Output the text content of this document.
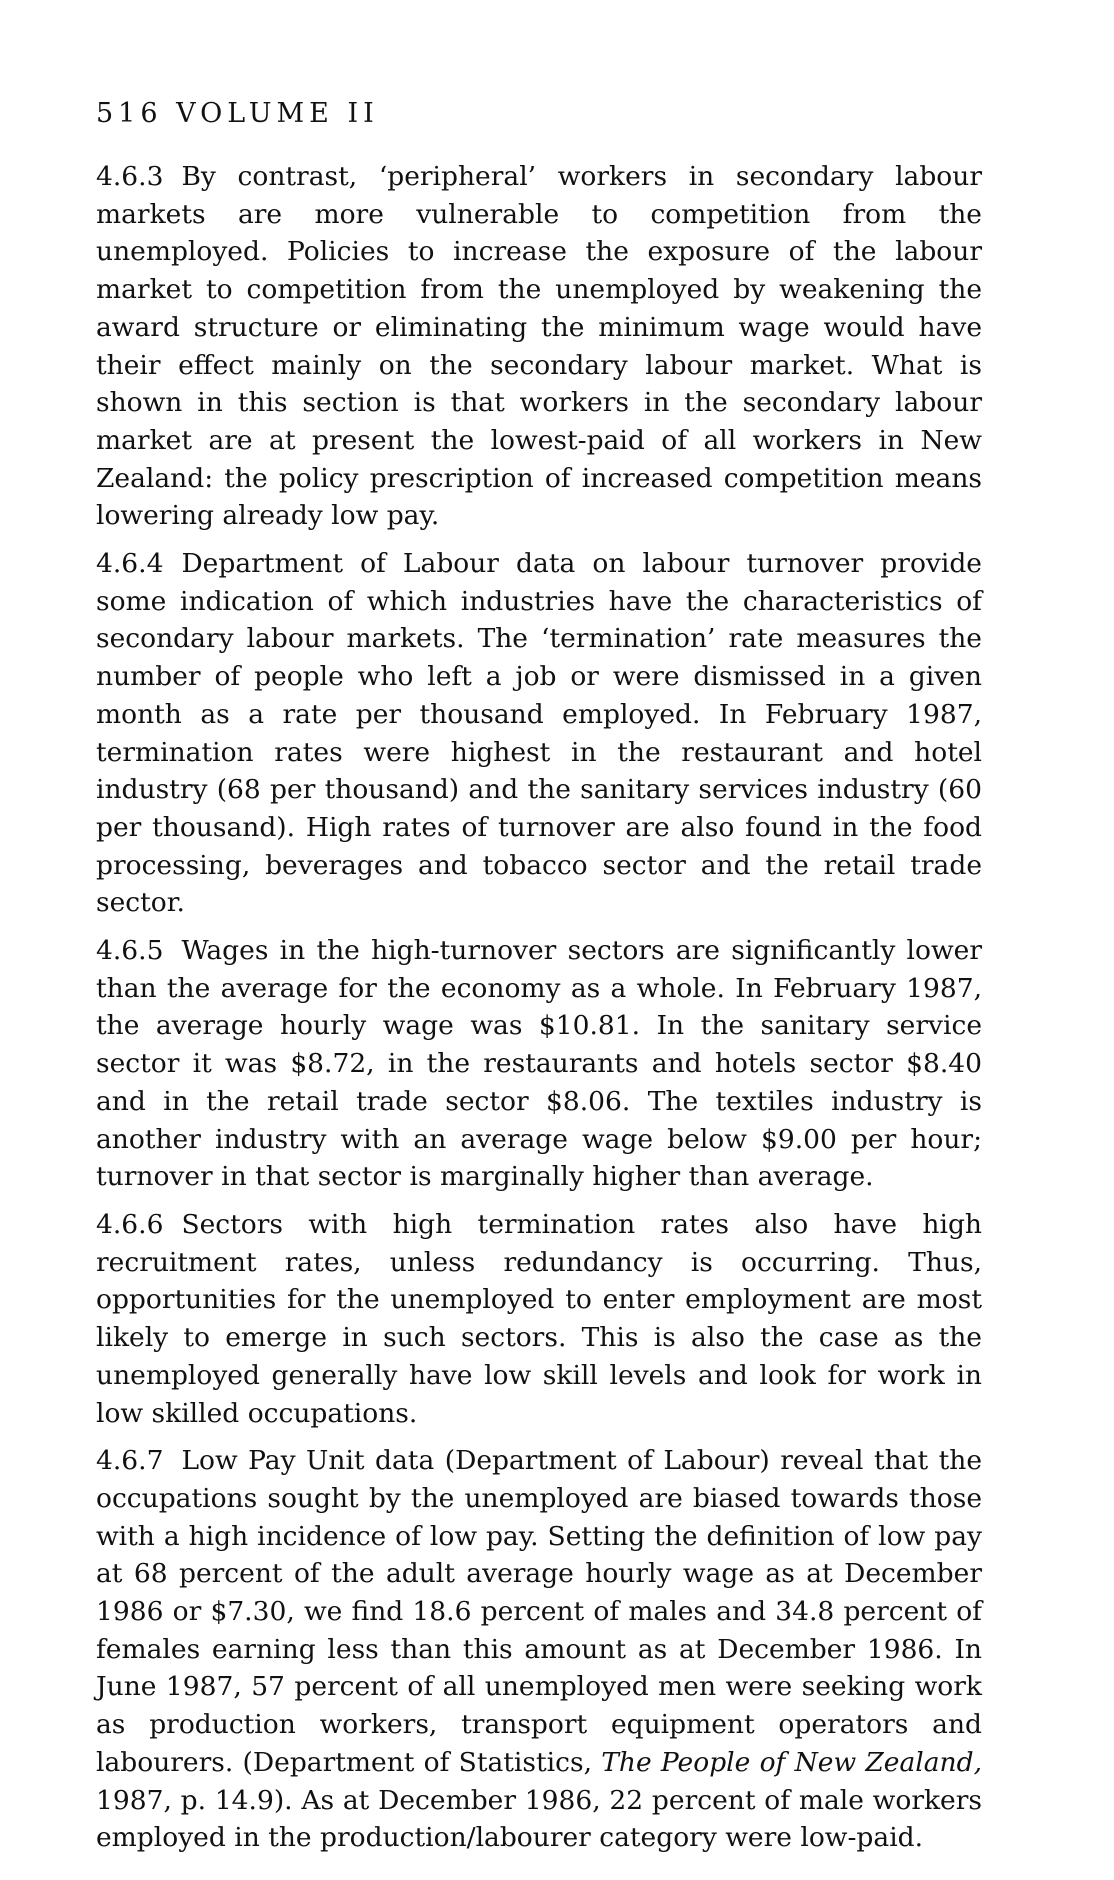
516 VOLUME II

4.6.3 By contrast, ‘peripheral’ workers in secondary labour markets are more vulnerable to competition from the unemployed. Policies to increase the exposure of the labour market to competition from the unemployed by weakening the award structure or eliminating the minimum wage would have their effect mainly on the secondary labour market. What is shown in this section is that workers in the secondary labour market are at present the lowest-paid of all workers in New Zealand: the policy prescription of increased competition means lowering already low pay.

4.6.4 Department of Labour data on labour turnover provide some indication of which industries have the characteristics of secondary labour markets. The ‘termination’ rate measures the number of people who left a job or were dismissed in a given month as a rate per thousand employed. In February 1987, termination rates were highest in the restaurant and hotel industry (68 per thousand) and the sanitary services industry (60 per thousand). High rates of turnover are also found in the food processing, beverages and tobacco sector and the retail trade sector.

4.6.5 Wages in the high-turnover sectors are significantly lower than the average for the economy as a whole. In February 1987, the average hourly wage was $10.81. In the sanitary service sector it was $8.72, in the restaurants and hotels sector $8.40 and in the retail trade sector $8.06. The textiles industry is another industry with an average wage below $9.00 per hour; turnover in that sector is marginally higher than average.

4.6.6 Sectors with high termination rates also have high recruitment rates, unless redundancy is occurring. Thus, opportunities for the unemployed to enter employment are most likely to emerge in such sectors. This is also the case as the unemployed generally have low skill levels and look for work in low skilled occupations.

4.6.7 Low Pay Unit data (Department of Labour) reveal that the occupations sought by the unemployed are biased towards those with a high incidence of low pay. Setting the definition of low pay at 68 percent of the adult average hourly wage as at December 1986 or $7.30, we find 18.6 percent of males and 34.8 percent of females earning less than this amount as at December 1986. In June 1987, 57 percent of all unemployed men were seeking work as production workers, transport equipment operators and labourers. (Department of Statistics, The People of New Zealand, 1987, p. 14.9). As at December 1986, 22 percent of male workers employed in the production/labourer category were low-paid.
